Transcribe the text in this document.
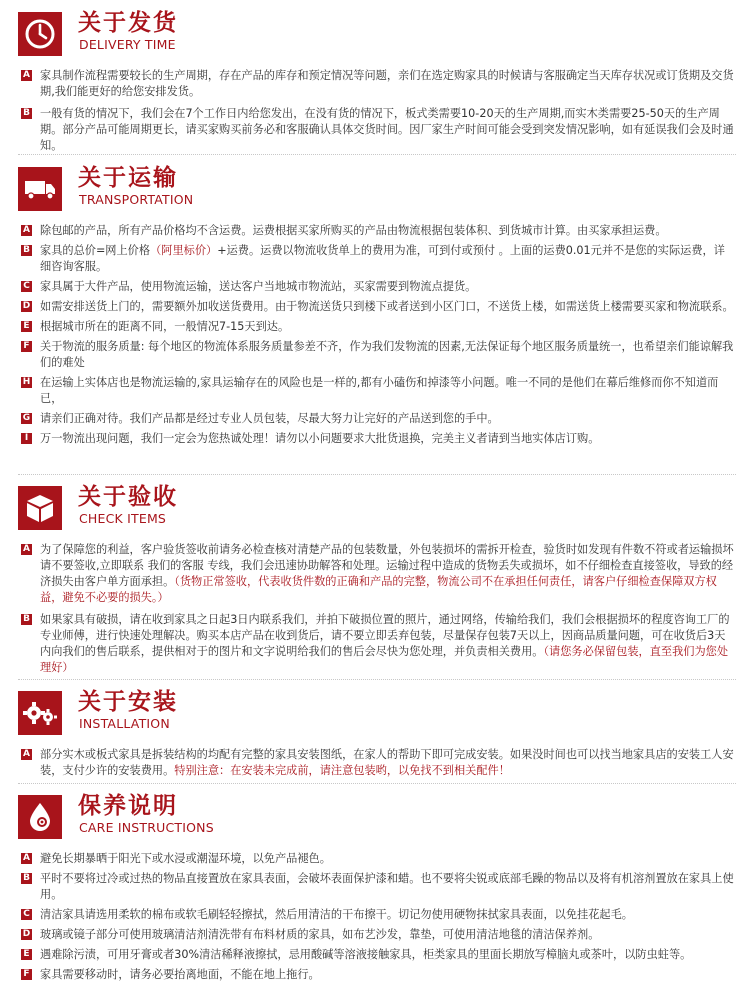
关于发货
DELIVERY TIME
A 家具制作流程需要较长的生产周期，存在产品的库存和预定情况等问题，亲们在选定购家具的时候请与客服确定当天库存状况或订货期及交货期,我们能更好的给您安排发货。
B 一般有货的情况下，我们会在7个工作日内给您发出，在没有货的情况下，板式类需要10-20天的生产周期,而实木类需要25-50天的生产周期。部分产品可能周期更长，请买家购买前务必和客服确认具体交货时间。因厂家生产时间可能会受到突发情况影响，如有延误我们会及时通知。
关于运输
TRANSPORTATION
A 除包邮的产品，所有产品价格均不含运费。运费根据买家所购买的产品由物流根据包装体积、到货城市计算。由买家承担运费。
B 家具的总价=网上价格（阿里标价）+运费。运费以物流收货单上的费用为准，可到付或预付 。上面的运费0.01元并不是您的实际运费，详细咨询客服。
C 家具属于大件产品，使用物流运输，送达客户当地城市物流站，买家需要到物流点提货。
D 如需安排送货上门的，需要额外加收送货费用。由于物流送货只到楼下或者送到小区门口，不送货上楼，如需送货上楼需要买家和物流联系。
E 根据城市所在的距离不同，一般情况7-15天到达。
F 关于物流的服务质量: 每个地区的物流体系服务质量参差不齐，作为我们发物流的因素,无法保证每个地区服务质量统一，也希望亲们能谅解我们的难处
H 在运输上实体店也是物流运输的,家具运输存在的风险也是一样的,都有小磕伤和掉漆等小问题。唯一不同的是他们在幕后维修而你不知道而已，
G 请亲们正确对待。我们产品都是经过专业人员包装，尽最大努力让完好的产品送到您的手中。
I	万一物流出现问题，我们一定会为您热诚处理！请勿以小问题要求大批货退换，完美主义者请到当地实体店订购。
关于验收
CHECK ITEMS
A 为了保障您的利益，客户验货签收前请务必检查核对清楚产品的包装数量，外包装损坏的需拆开检查，验货时如发现有件数不符或者运输损坏请不要签收,立即联系 我们的客服 专线，我们会迅速协助解答和处理。运输过程中造成的货物丢失或损坏，如不仔细检查直接签收，导致的经济损失由客户单方面承担。（货物正常签收，代表收货件数的正确和产品的完整，物流公司不在承担任何责任，请客户仔细检查保障双方权益，避免不必要的损失。）
B 如果家具有破损，请在收到家具之日起3日内联系我们，并拍下破损位置的照片，通过网络，传输给我们，我们会根据损坏的程度咨询工厂的专业师傅，进行快速处理解决。购买本店产品在收到货后，请不要立即丢弃包装，尽量保存包装7天以上，因商品质量问题，可在收货后3天内向我们的售后联系，提供相对于的图片和文字说明给我们的售后会尽快为您处理，并负责相关费用。（请您务必保留包装，直至我们为您处理好）
关于安装
INSTALLATION
A 部分实木或板式家具是拆装结构的均配有完整的家具安装图纸，在家人的帮助下即可完成安装。如果没时间也可以找当地家具店的安装工人安装，支付少许的安装费用。特别注意：在安装未完成前，请注意包装哟，以免找不到相关配件！
保养说明
CARE INSTRUCTIONS
A 避免长期暴晒于阳光下或水浸或潮湿环境，以免产品褪色。
B 平时不要将过冷或过热的物品直接置放在家具表面，会破坏表面保护漆和蜡。也不要将尖锐或底部毛躁的物品以及将有机溶剂置放在家具上使用。
C 清洁家具请选用柔软的棉布或软毛刷轻轻擦拭，然后用清洁的干布擦干。切记勿使用硬物抹拭家具表面，以免挂花起毛。
D 玻璃或镜子部分可使用玻璃清洁剂清洗带有布料材质的家具，如布艺沙发，靠垫，可使用清洁地毯的清洁保养剂。
E 遇难除污渍，可用牙膏或者30%清洁稀释液擦拭，忌用酸碱等溶液接触家具，柜类家具的里面长期放写樟脑丸或茶叶，以防虫蛀等。
F 家具需要移动时，请务必要抬离地面，不能在地上拖行。
